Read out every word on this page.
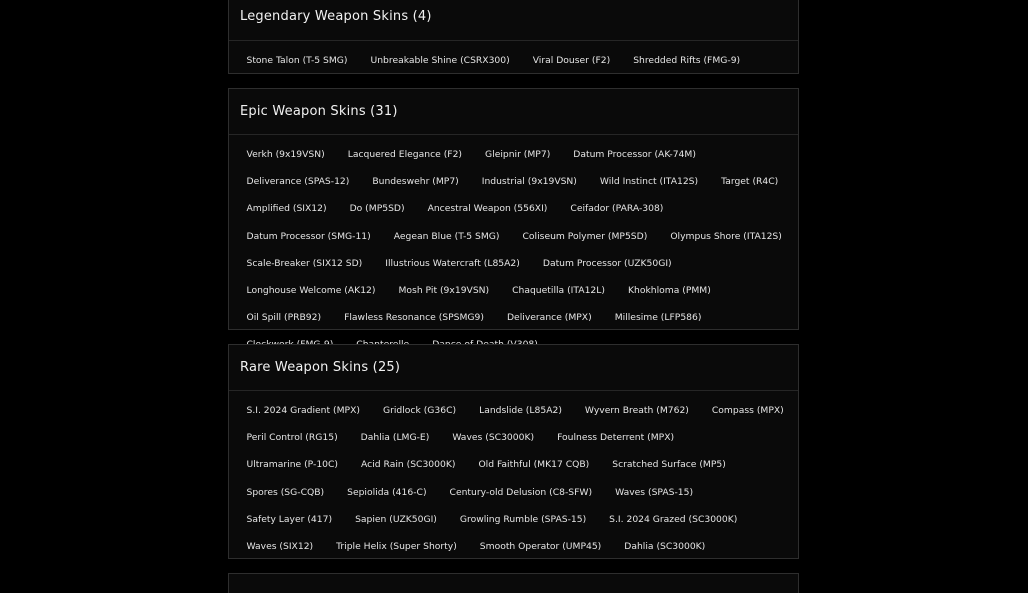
Legendary Weapon Skins (4)
Stone Talon (T-5 SMG)	Unbreakable Shine (CSRX300)	Viral Douser (F2)	Shredded Rifts (FMG-9)
Epic Weapon Skins (31)
Verkh (9x19VSN)	Lacquered Elegance (F2)	Gleipnir (MP7)	Datum Processor (AK-74M)
Deliverance (SPAS-12)	Bundeswehr (MP7)	Industrial (9x19VSN)	Wild Instinct (ITA12S)	Target (R4C)
Amplified (SIX12)	Do (MP5SD)	Ancestral Weapon (556XI)	Ceifador (PARA-308)
Datum Processor (SMG-11)	Aegean Blue (T-5 SMG)	Coliseum Polymer (MP5SD)	Olympus Shore (ITA12S)
Scale-Breaker (SIX12 SD)	Illustrious Watercraft (L85A2)	Datum Processor (UZK50GI)
Longhouse Welcome (AK12)	Mosh Pit (9x19VSN)	Chaquetilla (ITA12L)	Khokhloma (PMM)
Oil Spill (PRB92)	Flawless Resonance (SPSMG9)	Deliverance (MPX)	Millesime (LFP586)
Rare Weapon Skins (25)
S.I. 2024 Gradient (MPX)	Gridlock (G36C)	Landslide (L85A2)	Wyvern Breath (M762)	Compass (MPX)
Peril Control (RG15)	Dahlia (LMG-E)	Waves (SC3000K)	Foulness Deterrent (MPX)
Ultramarine (P-10C)	Acid Rain (SC3000K)	Old Faithful (MK17 CQB)	Scratched Surface (MP5)
Spores (SG-CQB)	Sepiolida (416-C)	Century-old Delusion (C8-SFW)	Waves (SPAS-15)
Safety Layer (417)	Sapien (UZK50GI)	Growling Rumble (SPAS-15)	S.I. 2024 Grazed (SC3000K)
Waves (SIX12)	Triple Helix (Super Shorty)	Smooth Operator (UMP45)	Dahlia (SC3000K)
